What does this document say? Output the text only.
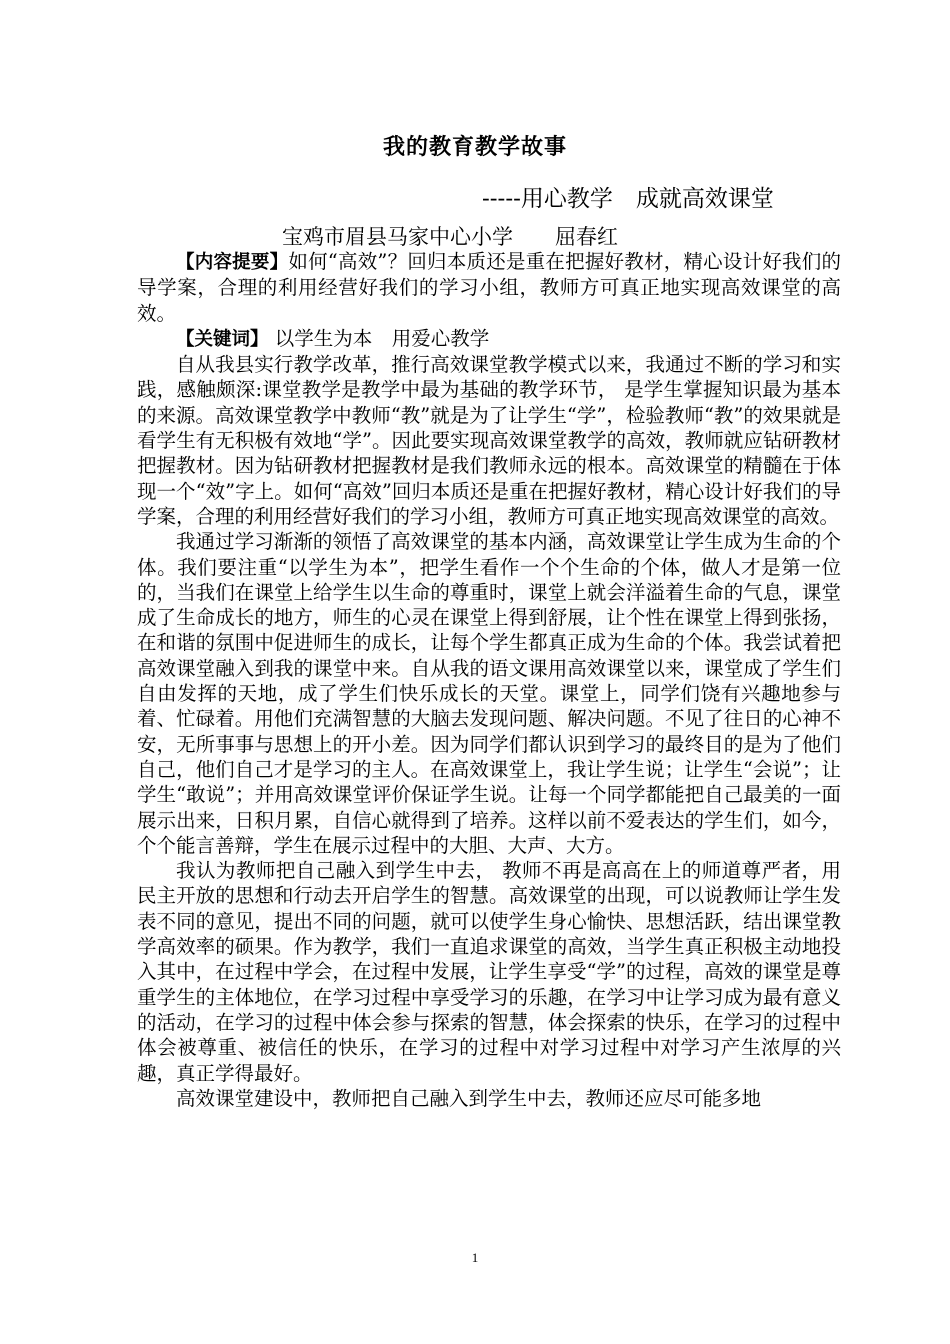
我的教育教学故事
-----用心教学　成就高效课堂
宝鸡市眉县马家中心小学　　屈春红

【内容提要】如何“高效”？回归本质还是重在把握好教材，精心设计好我们的导学案，合理的利用经营好我们的学习小组，教师方可真正地实现高效课堂的高效。

【关键词】 以学生为本　用爱心教学

自从我县实行教学改革，推行高效课堂教学模式以来，我通过不断的学习和实践，感触颇深:课堂教学是教学中最为基础的教学环节， 是学生掌握知识最为基本的来源。高效课堂教学中教师“教”就是为了让学生“学”，检验教师“教”的效果就是看学生有无积极有效地“学”。因此要实现高效课堂教学的高效，教师就应钻研教材把握教材。因为钻研教材把握教材是我们教师永远的根本。高效课堂的精髓在于体现一个“效”字上。如何“高效”回归本质还是重在把握好教材，精心设计好我们的导学案，合理的利用经营好我们的学习小组，教师方可真正地实现高效课堂的高效。

我通过学习渐渐的领悟了高效课堂的基本内涵，高效课堂让学生成为生命的个体。我们要注重“以学生为本”，把学生看作一个个生命的个体，做人才是第一位的，当我们在课堂上给学生以生命的尊重时，课堂上就会洋溢着生命的气息，课堂成了生命成长的地方，师生的心灵在课堂上得到舒展，让个性在课堂上得到张扬，在和谐的氛围中促进师生的成长，让每个学生都真正成为生命的个体。我尝试着把高效课堂融入到我的课堂中来。自从我的语文课用高效课堂以来，课堂成了学生们自由发挥的天地，成了学生们快乐成长的天堂。课堂上，同学们饶有兴趣地参与着、忙碌着。用他们充满智慧的大脑去发现问题、解决问题。不见了往日的心神不安，无所事事与思想上的开小差。因为同学们都认识到学习的最终目的是为了他们自己，他们自己才是学习的主人。在高效课堂上，我让学生说；让学生“会说”；让学生“敢说”；并用高效课堂评价保证学生说。让每一个同学都能把自己最美的一面展示出来，日积月累，自信心就得到了培养。这样以前不爱表达的学生们，如今，个个能言善辩，学生在展示过程中的大胆、大声、大方。

我认为教师把自己融入到学生中去， 教师不再是高高在上的师道尊严者，用民主开放的思想和行动去开启学生的智慧。高效课堂的出现，可以说教师让学生发表不同的意见，提出不同的问题，就可以使学生身心愉快、思想活跃，结出课堂教学高效率的硕果。作为教学，我们一直追求课堂的高效，当学生真正积极主动地投入其中，在过程中学会，在过程中发展，让学生享受“学”的过程，高效的课堂是尊重学生的主体地位，在学习过程中享受学习的乐趣，在学习中让学习成为最有意义的活动，在学习的过程中体会参与探索的智慧，体会探索的快乐，在学习的过程中体会被尊重、被信任的快乐，在学习的过程中对学习过程中对学习产生浓厚的兴趣，真正学得最好。

高效课堂建设中，教师把自己融入到学生中去，教师还应尽可能多地

1
